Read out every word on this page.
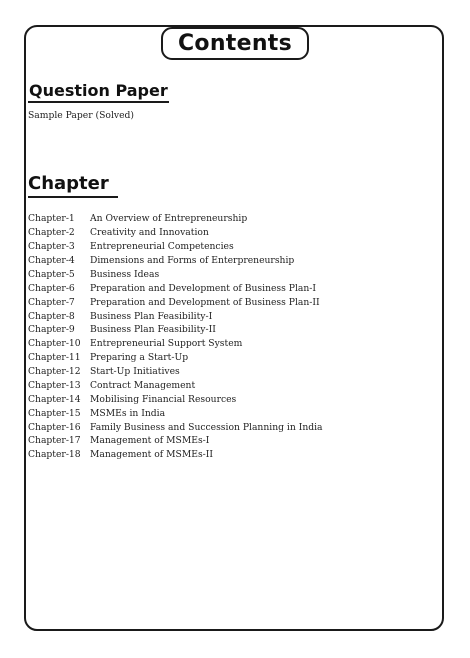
Contents
Question Paper
Sample Paper (Solved)
Chapter
Chapter-1	An Overview of Entrepreneurship
Chapter-2	Creativity and Innovation
Chapter-3	Entrepreneurial Competencies
Chapter-4	Dimensions and Forms of Enterpreneurship
Chapter-5	Business Ideas
Chapter-6	Preparation and Development of Business Plan-I
Chapter-7	Preparation and Development of Business Plan-II
Chapter-8	Business Plan Feasibility-I
Chapter-9	Business Plan Feasibility-II
Chapter-10	Entrepreneurial Support System
Chapter-11	Preparing a Start-Up
Chapter-12	Start-Up Initiatives
Chapter-13	Contract Management
Chapter-14	Mobilising Financial Resources
Chapter-15	MSMEs in India
Chapter-16	Family Business and Succession Planning in India
Chapter-17	Management of MSMEs-I
Chapter-18	Management of MSMEs-II
